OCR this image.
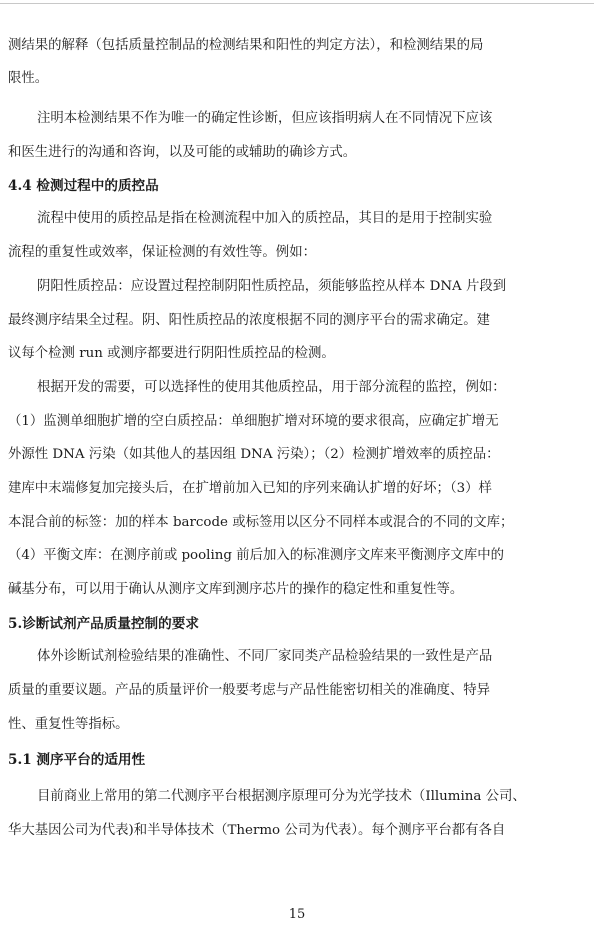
测结果的解释（包括质量控制品的检测结果和阳性的判定方法），和检测结果的局
限性。
注明本检测结果不作为唯一的确定性诊断，但应该指明病人在不同情况下应该
和医生进行的沟通和咨询，以及可能的或辅助的确诊方式。
4.4 检测过程中的质控品
流程中使用的质控品是指在检测流程中加入的质控品，其目的是用于控制实验
流程的重复性或效率，保证检测的有效性等。例如：
阴阳性质控品：应设置过程控制阴阳性质控品，须能够监控从样本 DNA 片段到
最终测序结果全过程。阴、阳性质控品的浓度根据不同的测序平台的需求确定。建
议每个检测 run 或测序都要进行阴阳性质控品的检测。
根据开发的需要，可以选择性的使用其他质控品，用于部分流程的监控，例如：
（1）监测单细胞扩增的空白质控品：单细胞扩增对环境的要求很高，应确定扩增无
外源性 DNA 污染（如其他人的基因组 DNA 污染）；（2）检测扩增效率的质控品：
建库中末端修复加完接头后，在扩增前加入已知的序列来确认扩增的好坏；（3）样
本混合前的标签：加的样本 barcode 或标签用以区分不同样本或混合的不同的文库；
（4）平衡文库：在测序前或 pooling 前后加入的标准测序文库来平衡测序文库中的
碱基分布，可以用于确认从测序文库到测序芯片的操作的稳定性和重复性等。
5.诊断试剂产品质量控制的要求
体外诊断试剂检验结果的准确性、不同厂家同类产品检验结果的一致性是产品
质量的重要议题。产品的质量评价一般要考虑与产品性能密切相关的准确度、特异
性、重复性等指标。
5.1 测序平台的适用性
目前商业上常用的第二代测序平台根据测序原理可分为光学技术（Illumina 公司、
华大基因公司为代表)和半导体技术（Thermo 公司为代表）。每个测序平台都有各自
15
